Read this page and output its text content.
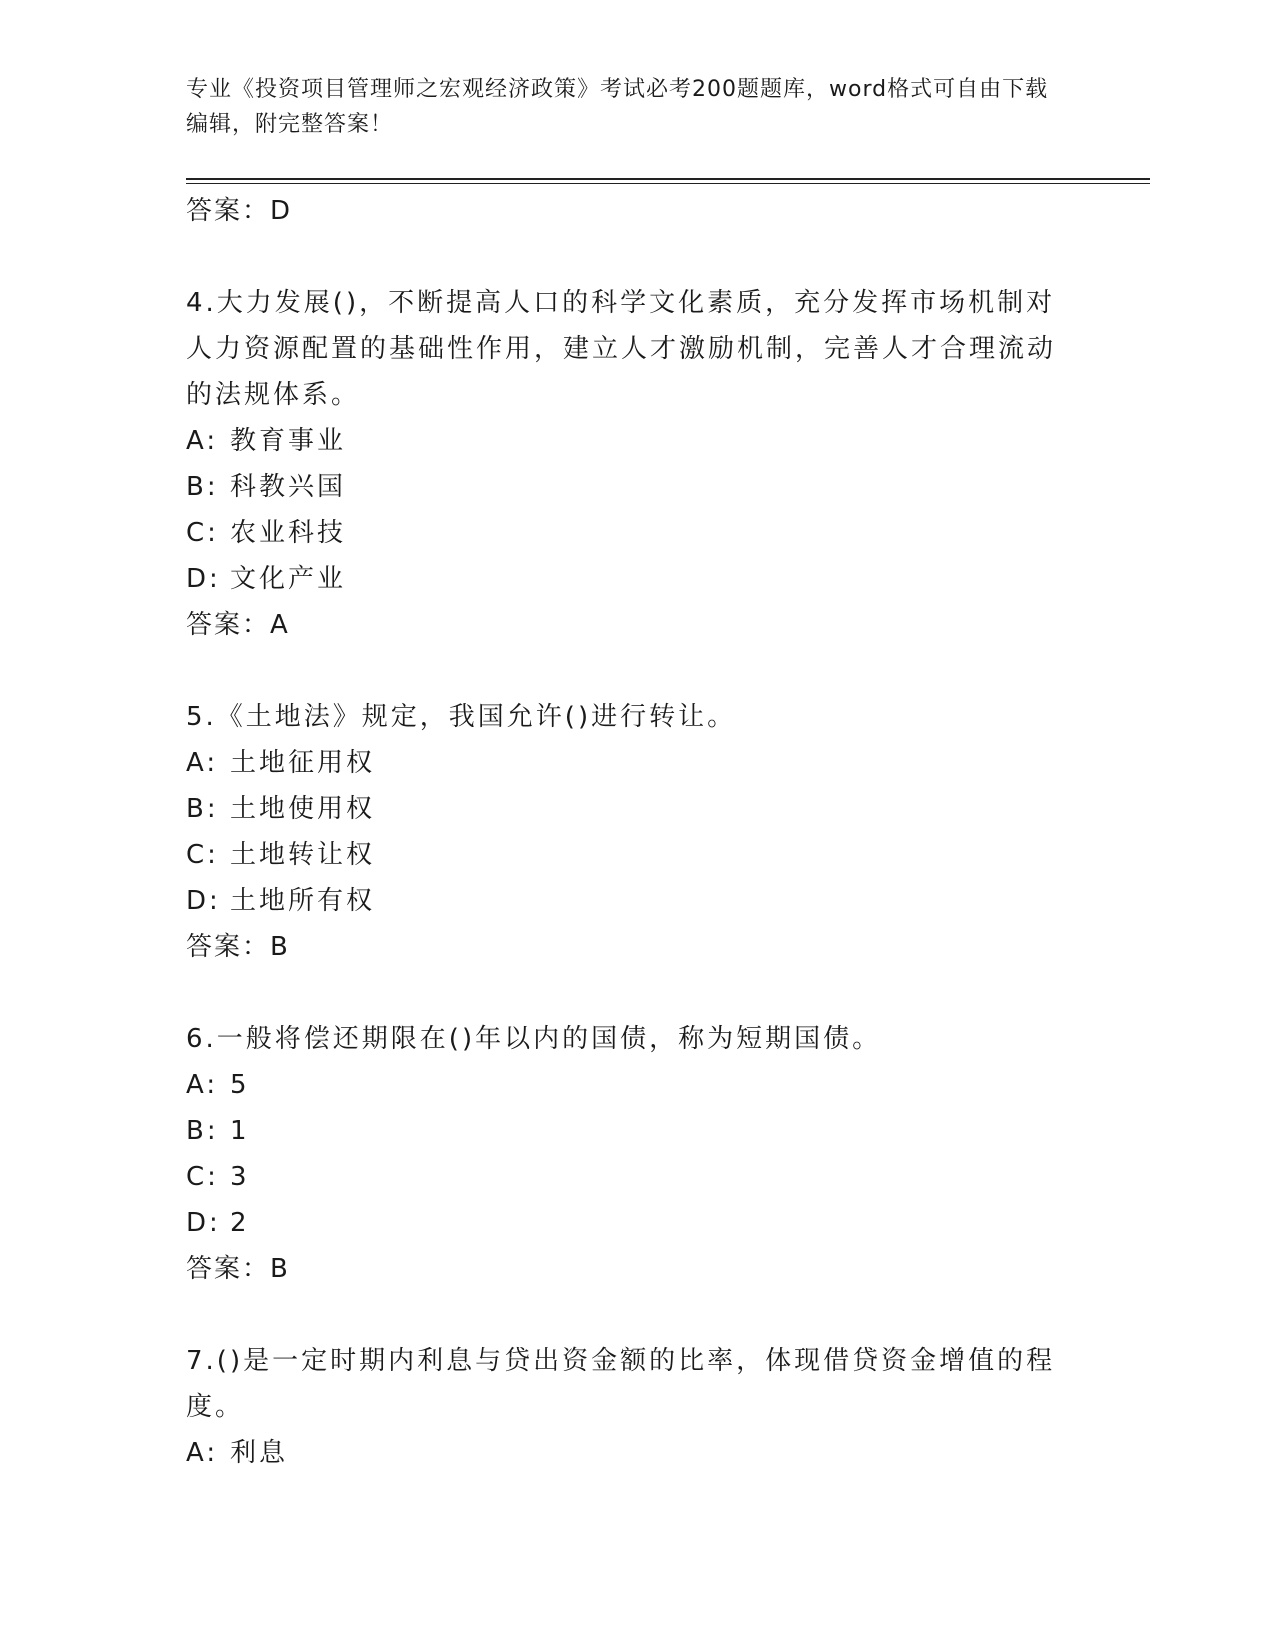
专业《投资项目管理师之宏观经济政策》考试必考200题题库，word格式可自由下载编辑，附完整答案！
答案：D
4.大力发展()，不断提高人口的科学文化素质，充分发挥市场机制对人力资源配置的基础性作用，建立人才激励机制，完善人才合理流动的法规体系。
A: 教育事业
B: 科教兴国
C: 农业科技
D: 文化产业
答案：A
5.《土地法》规定，我国允许()进行转让。
A: 土地征用权
B: 土地使用权
C: 土地转让权
D: 土地所有权
答案：B
6.一般将偿还期限在()年以内的国债，称为短期国债。
A: 5
B: 1
C: 3
D: 2
答案：B
7.()是一定时期内利息与贷出资金额的比率，体现借贷资金增值的程度。
A: 利息
